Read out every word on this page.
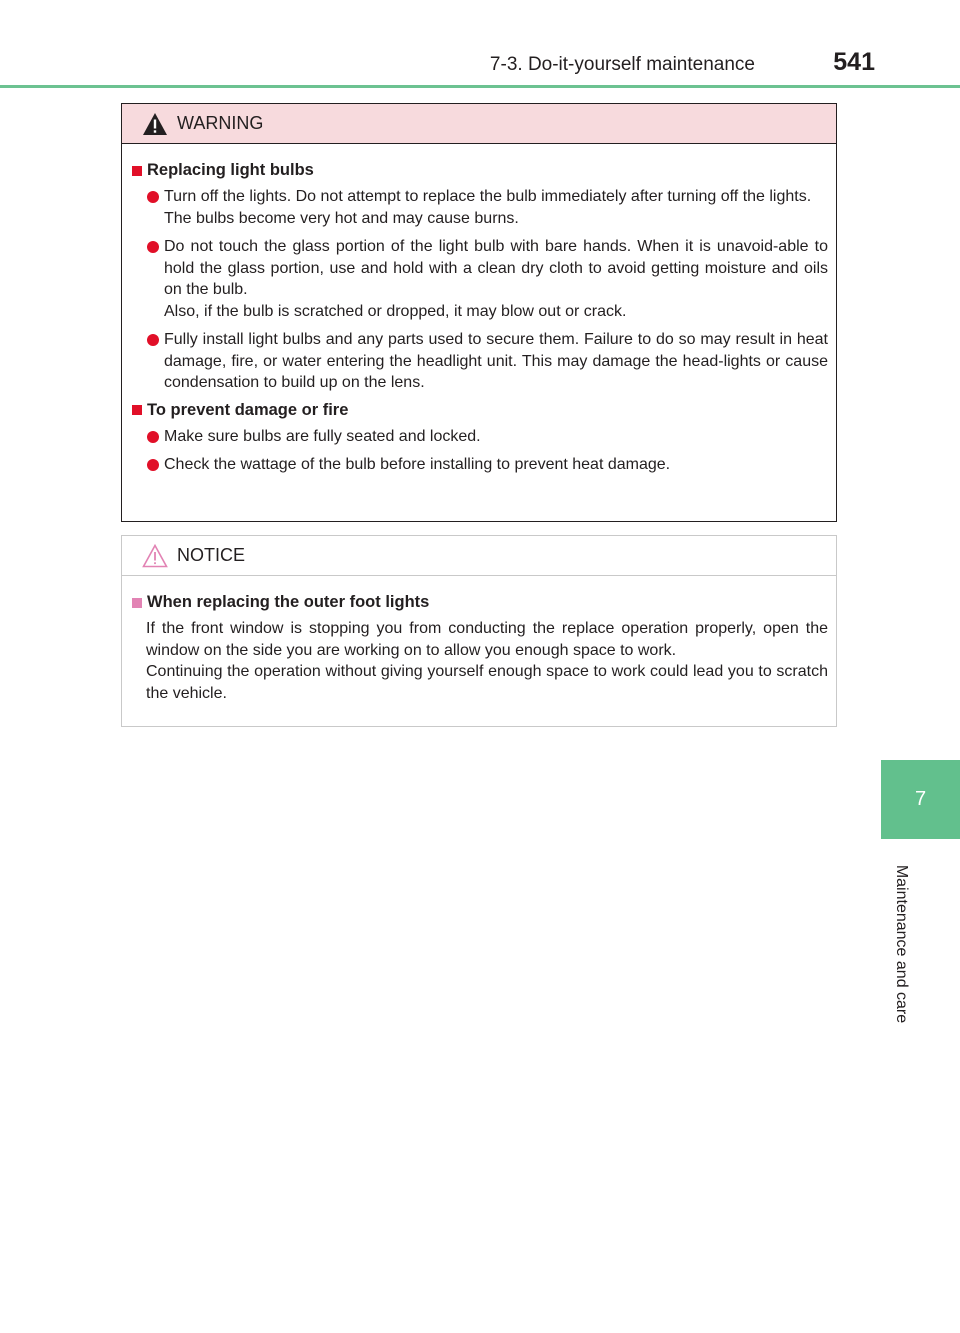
7-3. Do-it-yourself maintenance	541
7
Maintenance and care
WARNING
Replacing light bulbs
Turn off the lights. Do not attempt to replace the bulb immediately after turning off the lights.
The bulbs become very hot and may cause burns.
Do not touch the glass portion of the light bulb with bare hands. When it is unavoid-able to hold the glass portion, use and hold with a clean dry cloth to avoid getting moisture and oils on the bulb.
Also, if the bulb is scratched or dropped, it may blow out or crack.
Fully install light bulbs and any parts used to secure them. Failure to do so may result in heat damage, fire, or water entering the headlight unit. This may damage the head-lights or cause condensation to build up on the lens.
To prevent damage or fire
Make sure bulbs are fully seated and locked.
Check the wattage of the bulb before installing to prevent heat damage.
NOTICE
When replacing the outer foot lights
If the front window is stopping you from conducting the replace operation properly, open the window on the side you are working on to allow you enough space to work.
Continuing the operation without giving yourself enough space to work could lead you to scratch the vehicle.
